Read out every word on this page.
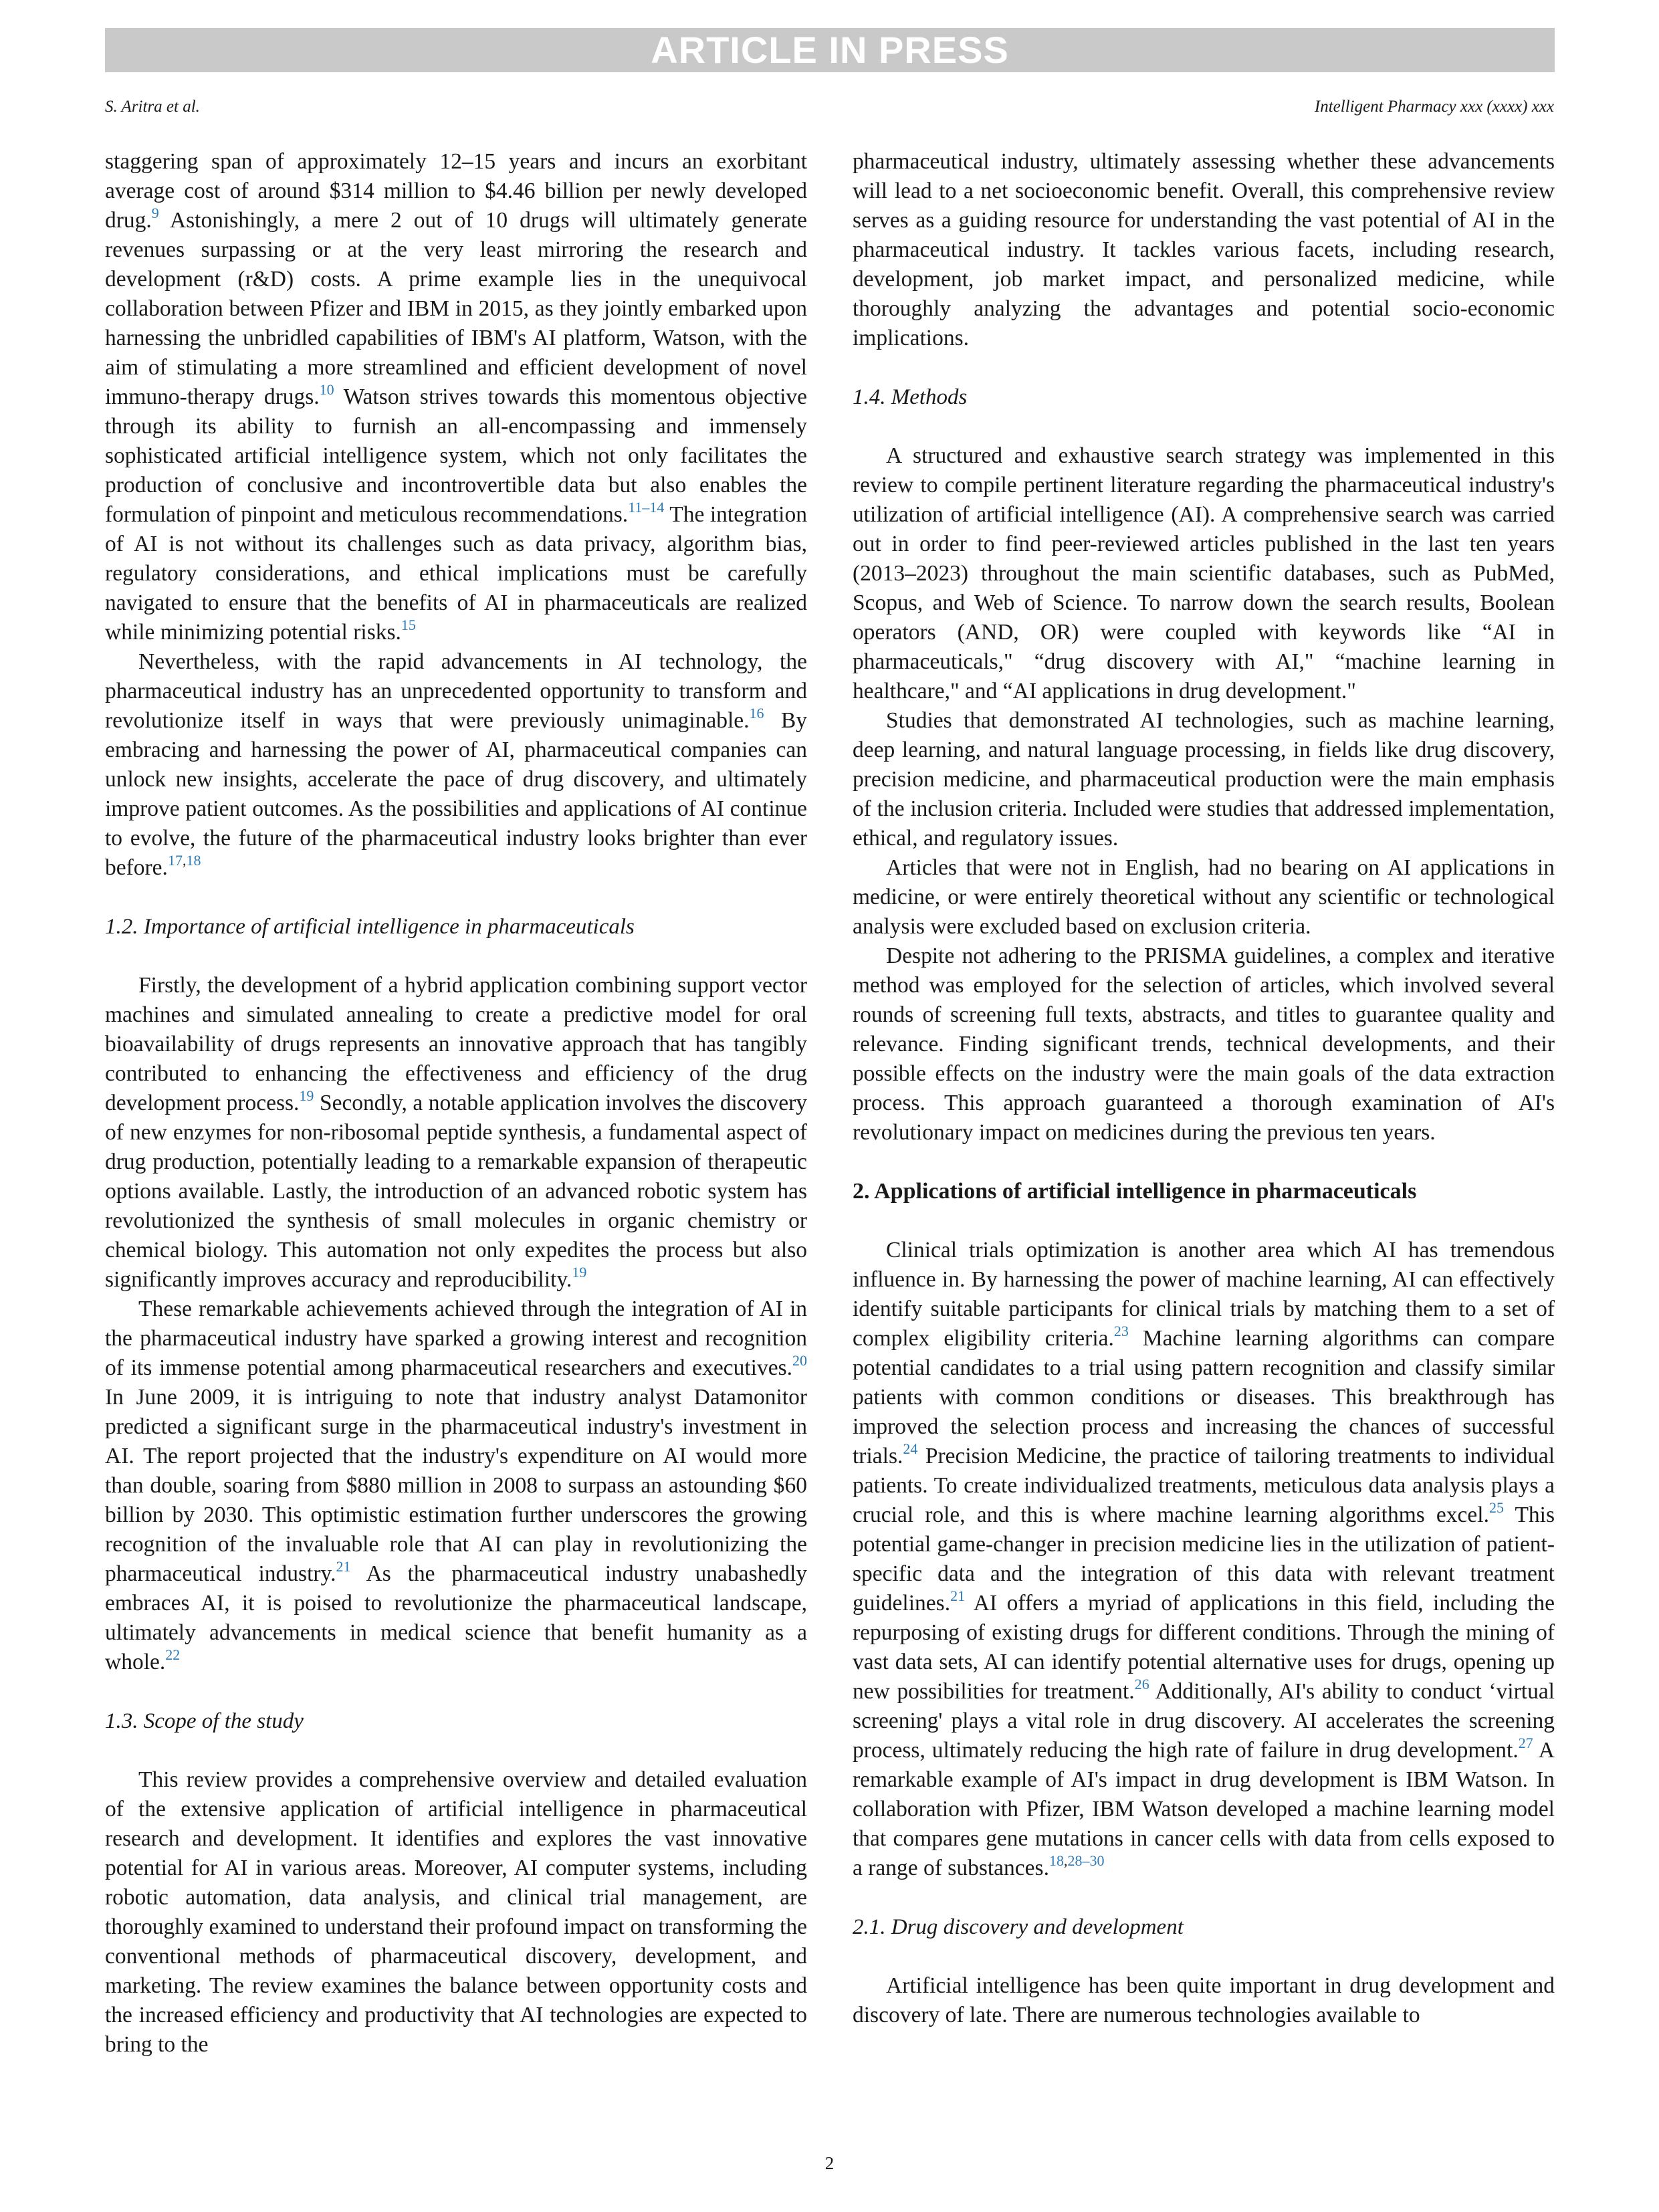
ARTICLE IN PRESS
S. Aritra et al.	Intelligent Pharmacy xxx (xxxx) xxx

staggering span of approximately 12–15 years and incurs an exorbitant average cost of around $314 million to $4.46 billion per newly developed drug.$^9$ Astonishingly, a mere 2 out of 10 drugs will ultimately generate revenues surpassing or at the very least mirroring the research and development (r&D) costs. A prime example lies in the unequivocal collaboration between Pfizer and IBM in 2015, as they jointly embarked upon harnessing the unbridled capabilities of IBM's AI platform, Watson, with the aim of stimulating a more streamlined and efficient development of novel immuno-therapy drugs.$^{10}$ Watson strives towards this momentous objective through its ability to furnish an all-encompassing and immensely sophisticated artificial intelligence system, which not only facilitates the production of conclusive and incontrovertible data but also enables the formulation of pinpoint and meticulous recommendations.$^{11-14}$ The integration of AI is not without its challenges such as data privacy, algorithm bias, regulatory considerations, and ethical implications must be carefully navigated to ensure that the benefits of AI in pharmaceuticals are realized while minimizing potential risks.$^{15}$

Nevertheless, with the rapid advancements in AI technology, the pharmaceutical industry has an unprecedented opportunity to transform and revolutionize itself in ways that were previously unimaginable.$^{16}$ By embracing and harnessing the power of AI, pharmaceutical companies can unlock new insights, accelerate the pace of drug discovery, and ultimately improve patient outcomes. As the possibilities and applications of AI continue to evolve, the future of the pharmaceutical industry looks brighter than ever before.$^{17,18}$

1.2. Importance of artificial intelligence in pharmaceuticals

Firstly, the development of a hybrid application combining support vector machines and simulated annealing to create a predictive model for oral bioavailability of drugs represents an innovative approach that has tangibly contributed to enhancing the effectiveness and efficiency of the drug development process.$^{19}$ Secondly, a notable application involves the discovery of new enzymes for non-ribosomal peptide synthesis, a fundamental aspect of drug production, potentially leading to a remarkable expansion of therapeutic options available. Lastly, the introduction of an advanced robotic system has revolutionized the synthesis of small molecules in organic chemistry or chemical biology. This automation not only expedites the process but also significantly improves accuracy and reproducibility.$^{19}$

These remarkable achievements achieved through the integration of AI in the pharmaceutical industry have sparked a growing interest and recognition of its immense potential among pharmaceutical researchers and executives.$^{20}$ In June 2009, it is intriguing to note that industry analyst Datamonitor predicted a significant surge in the pharmaceutical industry's investment in AI. The report projected that the industry's expenditure on AI would more than double, soaring from $880 million in 2008 to surpass an astounding $60 billion by 2030. This optimistic estimation further underscores the growing recognition of the invaluable role that AI can play in revolutionizing the pharmaceutical industry.$^{21}$ As the pharmaceutical industry unabashedly embraces AI, it is poised to revolutionize the pharmaceutical landscape, ultimately advancements in medical science that benefit humanity as a whole.$^{22}$

1.3. Scope of the study

This review provides a comprehensive overview and detailed evaluation of the extensive application of artificial intelligence in pharmaceutical research and development. It identifies and explores the vast innovative potential for AI in various areas. Moreover, AI computer systems, including robotic automation, data analysis, and clinical trial management, are thoroughly examined to understand their profound impact on transforming the conventional methods of pharmaceutical discovery, development, and marketing. The review examines the balance between opportunity costs and the increased efficiency and productivity that AI technologies are expected to bring to the

pharmaceutical industry, ultimately assessing whether these advancements will lead to a net socioeconomic benefit. Overall, this comprehensive review serves as a guiding resource for understanding the vast potential of AI in the pharmaceutical industry. It tackles various facets, including research, development, job market impact, and personalized medicine, while thoroughly analyzing the advantages and potential socio-economic implications.

1.4. Methods

A structured and exhaustive search strategy was implemented in this review to compile pertinent literature regarding the pharmaceutical industry's utilization of artificial intelligence (AI). A comprehensive search was carried out in order to find peer-reviewed articles published in the last ten years (2013–2023) throughout the main scientific databases, such as PubMed, Scopus, and Web of Science. To narrow down the search results, Boolean operators (AND, OR) were coupled with keywords like “AI in pharmaceuticals," “drug discovery with AI," “machine learning in healthcare," and “AI applications in drug development."

Studies that demonstrated AI technologies, such as machine learning, deep learning, and natural language processing, in fields like drug discovery, precision medicine, and pharmaceutical production were the main emphasis of the inclusion criteria. Included were studies that addressed implementation, ethical, and regulatory issues.

Articles that were not in English, had no bearing on AI applications in medicine, or were entirely theoretical without any scientific or technological analysis were excluded based on exclusion criteria.

Despite not adhering to the PRISMA guidelines, a complex and iterative method was employed for the selection of articles, which involved several rounds of screening full texts, abstracts, and titles to guarantee quality and relevance. Finding significant trends, technical developments, and their possible effects on the industry were the main goals of the data extraction process. This approach guaranteed a thorough examination of AI's revolutionary impact on medicines during the previous ten years.

2. Applications of artificial intelligence in pharmaceuticals

Clinical trials optimization is another area which AI has tremendous influence in. By harnessing the power of machine learning, AI can effectively identify suitable participants for clinical trials by matching them to a set of complex eligibility criteria.$^{23}$ Machine learning algorithms can compare potential candidates to a trial using pattern recognition and classify similar patients with common conditions or diseases. This breakthrough has improved the selection process and increasing the chances of successful trials.$^{24}$ Precision Medicine, the practice of tailoring treatments to individual patients. To create individualized treatments, meticulous data analysis plays a crucial role, and this is where machine learning algorithms excel.$^{25}$ This potential game-changer in precision medicine lies in the utilization of patient-specific data and the integration of this data with relevant treatment guidelines.$^{21}$ AI offers a myriad of applications in this field, including the repurposing of existing drugs for different conditions. Through the mining of vast data sets, AI can identify potential alternative uses for drugs, opening up new possibilities for treatment.$^{26}$ Additionally, AI's ability to conduct ‘virtual screening' plays a vital role in drug discovery. AI accelerates the screening process, ultimately reducing the high rate of failure in drug development.$^{27}$ A remarkable example of AI's impact in drug development is IBM Watson. In collaboration with Pfizer, IBM Watson developed a machine learning model that compares gene mutations in cancer cells with data from cells exposed to a range of substances.$^{18,28-30}$

2.1. Drug discovery and development

Artificial intelligence has been quite important in drug development and discovery of late. There are numerous technologies available to

2
